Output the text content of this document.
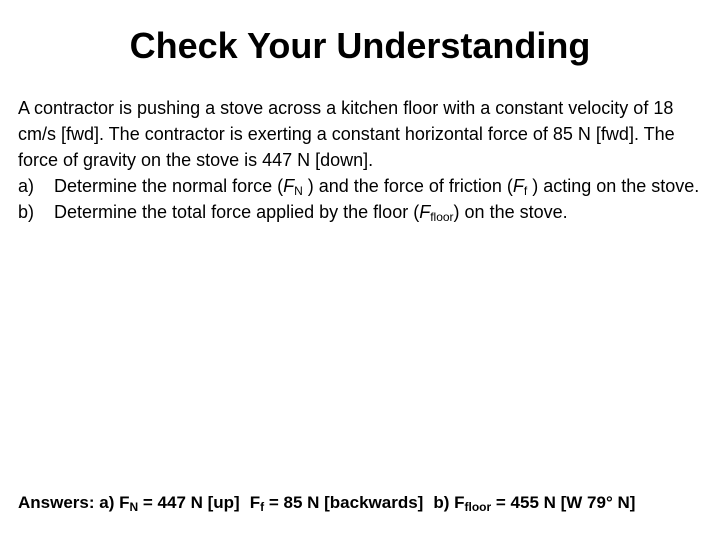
Check Your Understanding

A contractor is pushing a stove across a kitchen floor with a constant velocity of 18 cm/s [fwd]. The contractor is exerting a constant horizontal force of 85 N [fwd]. The force of gravity on the stove is 447 N [down].

a)	Determine the normal force ($F_N$ ) and the force of friction ($F_f$ ) acting on the stove.
b)	Determine the total force applied by the floor $(F_{floor})$ on the stove.
Answers: a) $F_N = 447$ N [up] $F_f = 85$ N [backwards] b) $F_{floor} = 455$ N [W 79° N]
